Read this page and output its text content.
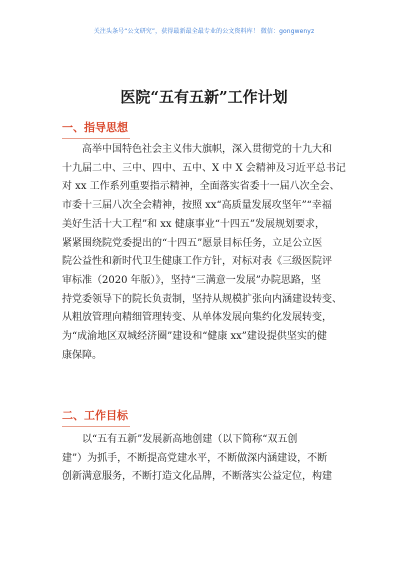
关注头条号“公文研究”，获得最新最全最专业的公文资料库！ 微信：gongwenyz
医院“五有五新”工作计划
一、指导思想
高举中国特色社会主义伟大旗帜，深入贯彻党的十九大和
十九届二中、三中、四中、五中、X 中 X 会精神及习近平总书记
对 xx 工作系列重要指示精神，全面落实省委十一届八次全会、
市委十三届八次全会精神，按照 xx“高质量发展攻坚年”“幸福
美好生活十大工程”和 xx 健康事业“十四五”发展规划要求，
紧紧围绕院党委提出的“十四五”愿景目标任务，立足公立医
院公益性和新时代卫生健康工作方针，对标对表《三级医院评
审标准（2020 年版）》，坚持“三满意一发展”办院思路，坚
持党委领导下的院长负责制，坚持从规模扩张向内涵建设转变、
从粗放管理向精细管理转变、从单体发展向集约化发展转变，
为“成渝地区双城经济圈”建设和“健康 xx”建设提供坚实的健
康保障。
二、工作目标
以“五有五新”发展新高地创建（以下简称“双五创
建”）为抓手，不断提高党建水平，不断做深内涵建设，不断
创新满意服务，不断打造文化品牌，不断落实公益定位，构建
